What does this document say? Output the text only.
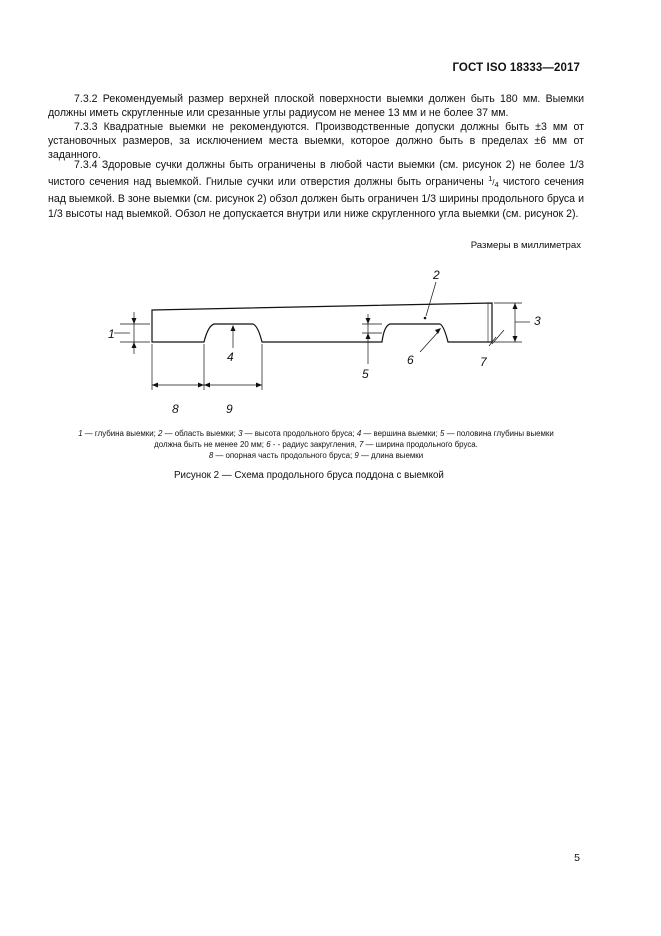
ГОСТ ISO 18333—2017

7.3.2 Рекомендуемый размер верхней плоской поверхности выемки должен быть 180 мм. Выемки должны иметь скругленные или срезанные углы радиусом не менее 13 мм и не более 37 мм.

7.3.3 Квадратные выемки не рекомендуются. Производственные допуски должны быть ±3 мм от установочных размеров, за исключением места выемки, которое должно быть в пределах ±6 мм от заданного.

7.3.4 Здоровые сучки должны быть ограничены в любой части выемки (см. рисунок 2) не более 1/3 чистого сечения над выемкой. Гнилые сучки или отверстия должны быть ограничены $^1/_4$ чистого сечения над выемкой. В зоне выемки (см. рисунок 2) обзол должен быть ограничен 1/3 ширины продольного бруса и 1/3 высоты над выемкой. Обзол не допускается внутри или ниже скругленного угла выемки (см. рисунок 2).

Размеры в миллиметрах
1
2
3
4
5
6	7
8	9
1 — глубина выемки; 2 — область выемки; 3 — высота продольного бруса; 4 — вершина выемки; 5 — половина глубины выемки
должна быть не менее 20 мм; 6 - - радиус закругления, 7 — ширина продольного бруса.
8 — опорная часть продольного бруса; 9 — длина выемки
Рисунок 2 — Схема продольного бруса поддона с выемкой
5
